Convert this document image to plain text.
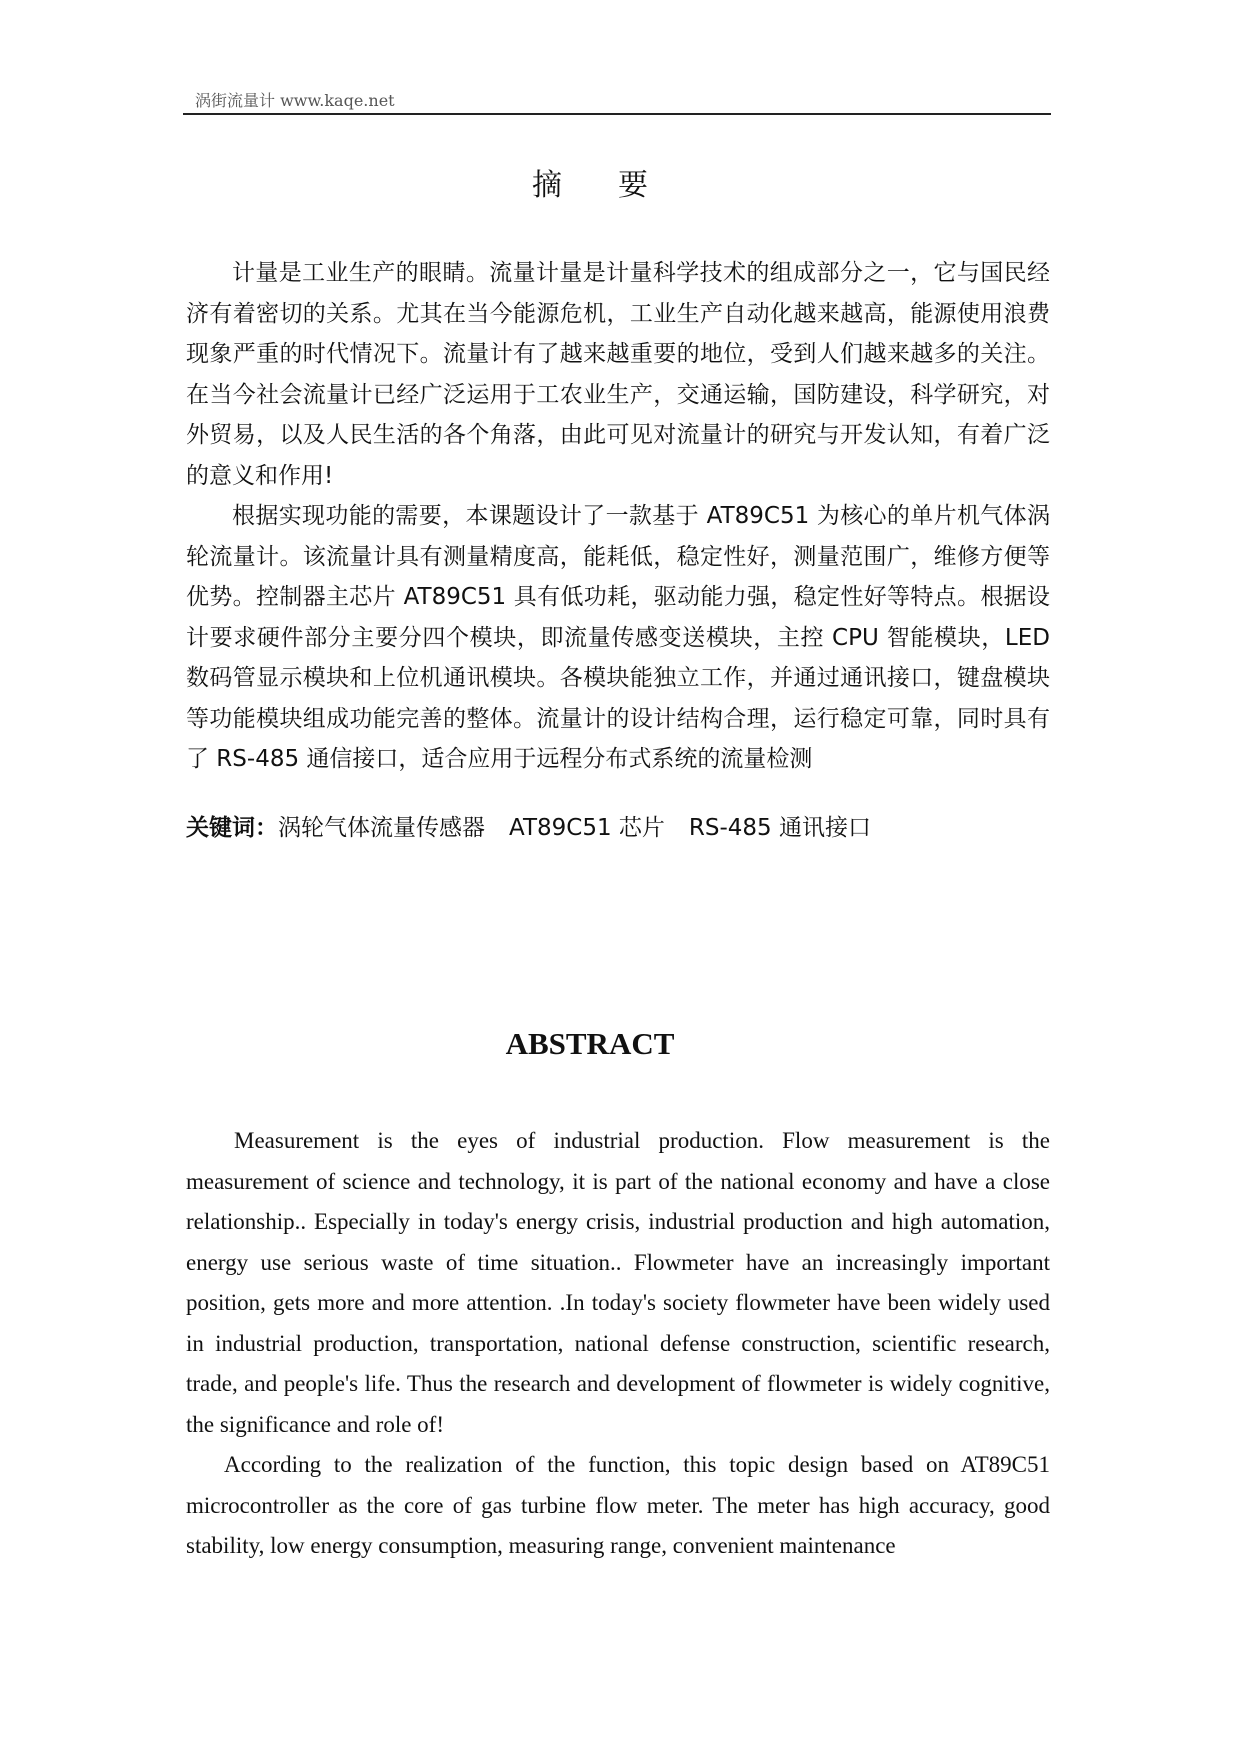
涡街流量计 www.kaqe.net
摘要

计量是工业生产的眼睛。流量计量是计量科学技术的组成部分之一，它与国民经济有着密切的关系。尤其在当今能源危机，工业生产自动化越来越高，能源使用浪费现象严重的时代情况下。流量计有了越来越重要的地位，受到人们越来越多的关注。在当今社会流量计已经广泛运用于工农业生产，交通运输，国防建设，科学研究，对外贸易，以及人民生活的各个角落，由此可见对流量计的研究与开发认知，有着广泛的意义和作用!

根据实现功能的需要，本课题设计了一款基于 AT89C51 为核心的单片机气体涡轮流量计。该流量计具有测量精度高，能耗低，稳定性好，测量范围广，维修方便等优势。控制器主芯片 AT89C51 具有低功耗，驱动能力强，稳定性好等特点。根据设计要求硬件部分主要分四个模块，即流量传感变送模块，主控 CPU 智能模块，LED 数码管显示模块和上位机通讯模块。各模块能独立工作，并通过通讯接口，键盘模块等功能模块组成功能完善的整体。流量计的设计结构合理，运行稳定可靠，同时具有了 RS-485 通信接口，适合应用于远程分布式系统的流量检测

关键词：涡轮气体流量传感器 AT89C51 芯片 RS-485 通讯接口
ABSTRACT

Measurement is the eyes of industrial production. Flow measurement is the measurement of science and technology, it is part of the national economy and have a close relationship.. Especially in today's energy crisis, industrial production and high automation, energy use serious waste of time situation.. Flowmeter have an increasingly important position, gets more and more attention. .In today's society flowmeter have been widely used in industrial production, transportation, national defense construction, scientific research, trade, and people's life. Thus the research and development of flowmeter is widely cognitive, the significance and role of!

According to the realization of the function, this topic design based on AT89C51 microcontroller as the core of gas turbine flow meter. The meter has high accuracy, good stability, low energy consumption, measuring range, convenient maintenance
